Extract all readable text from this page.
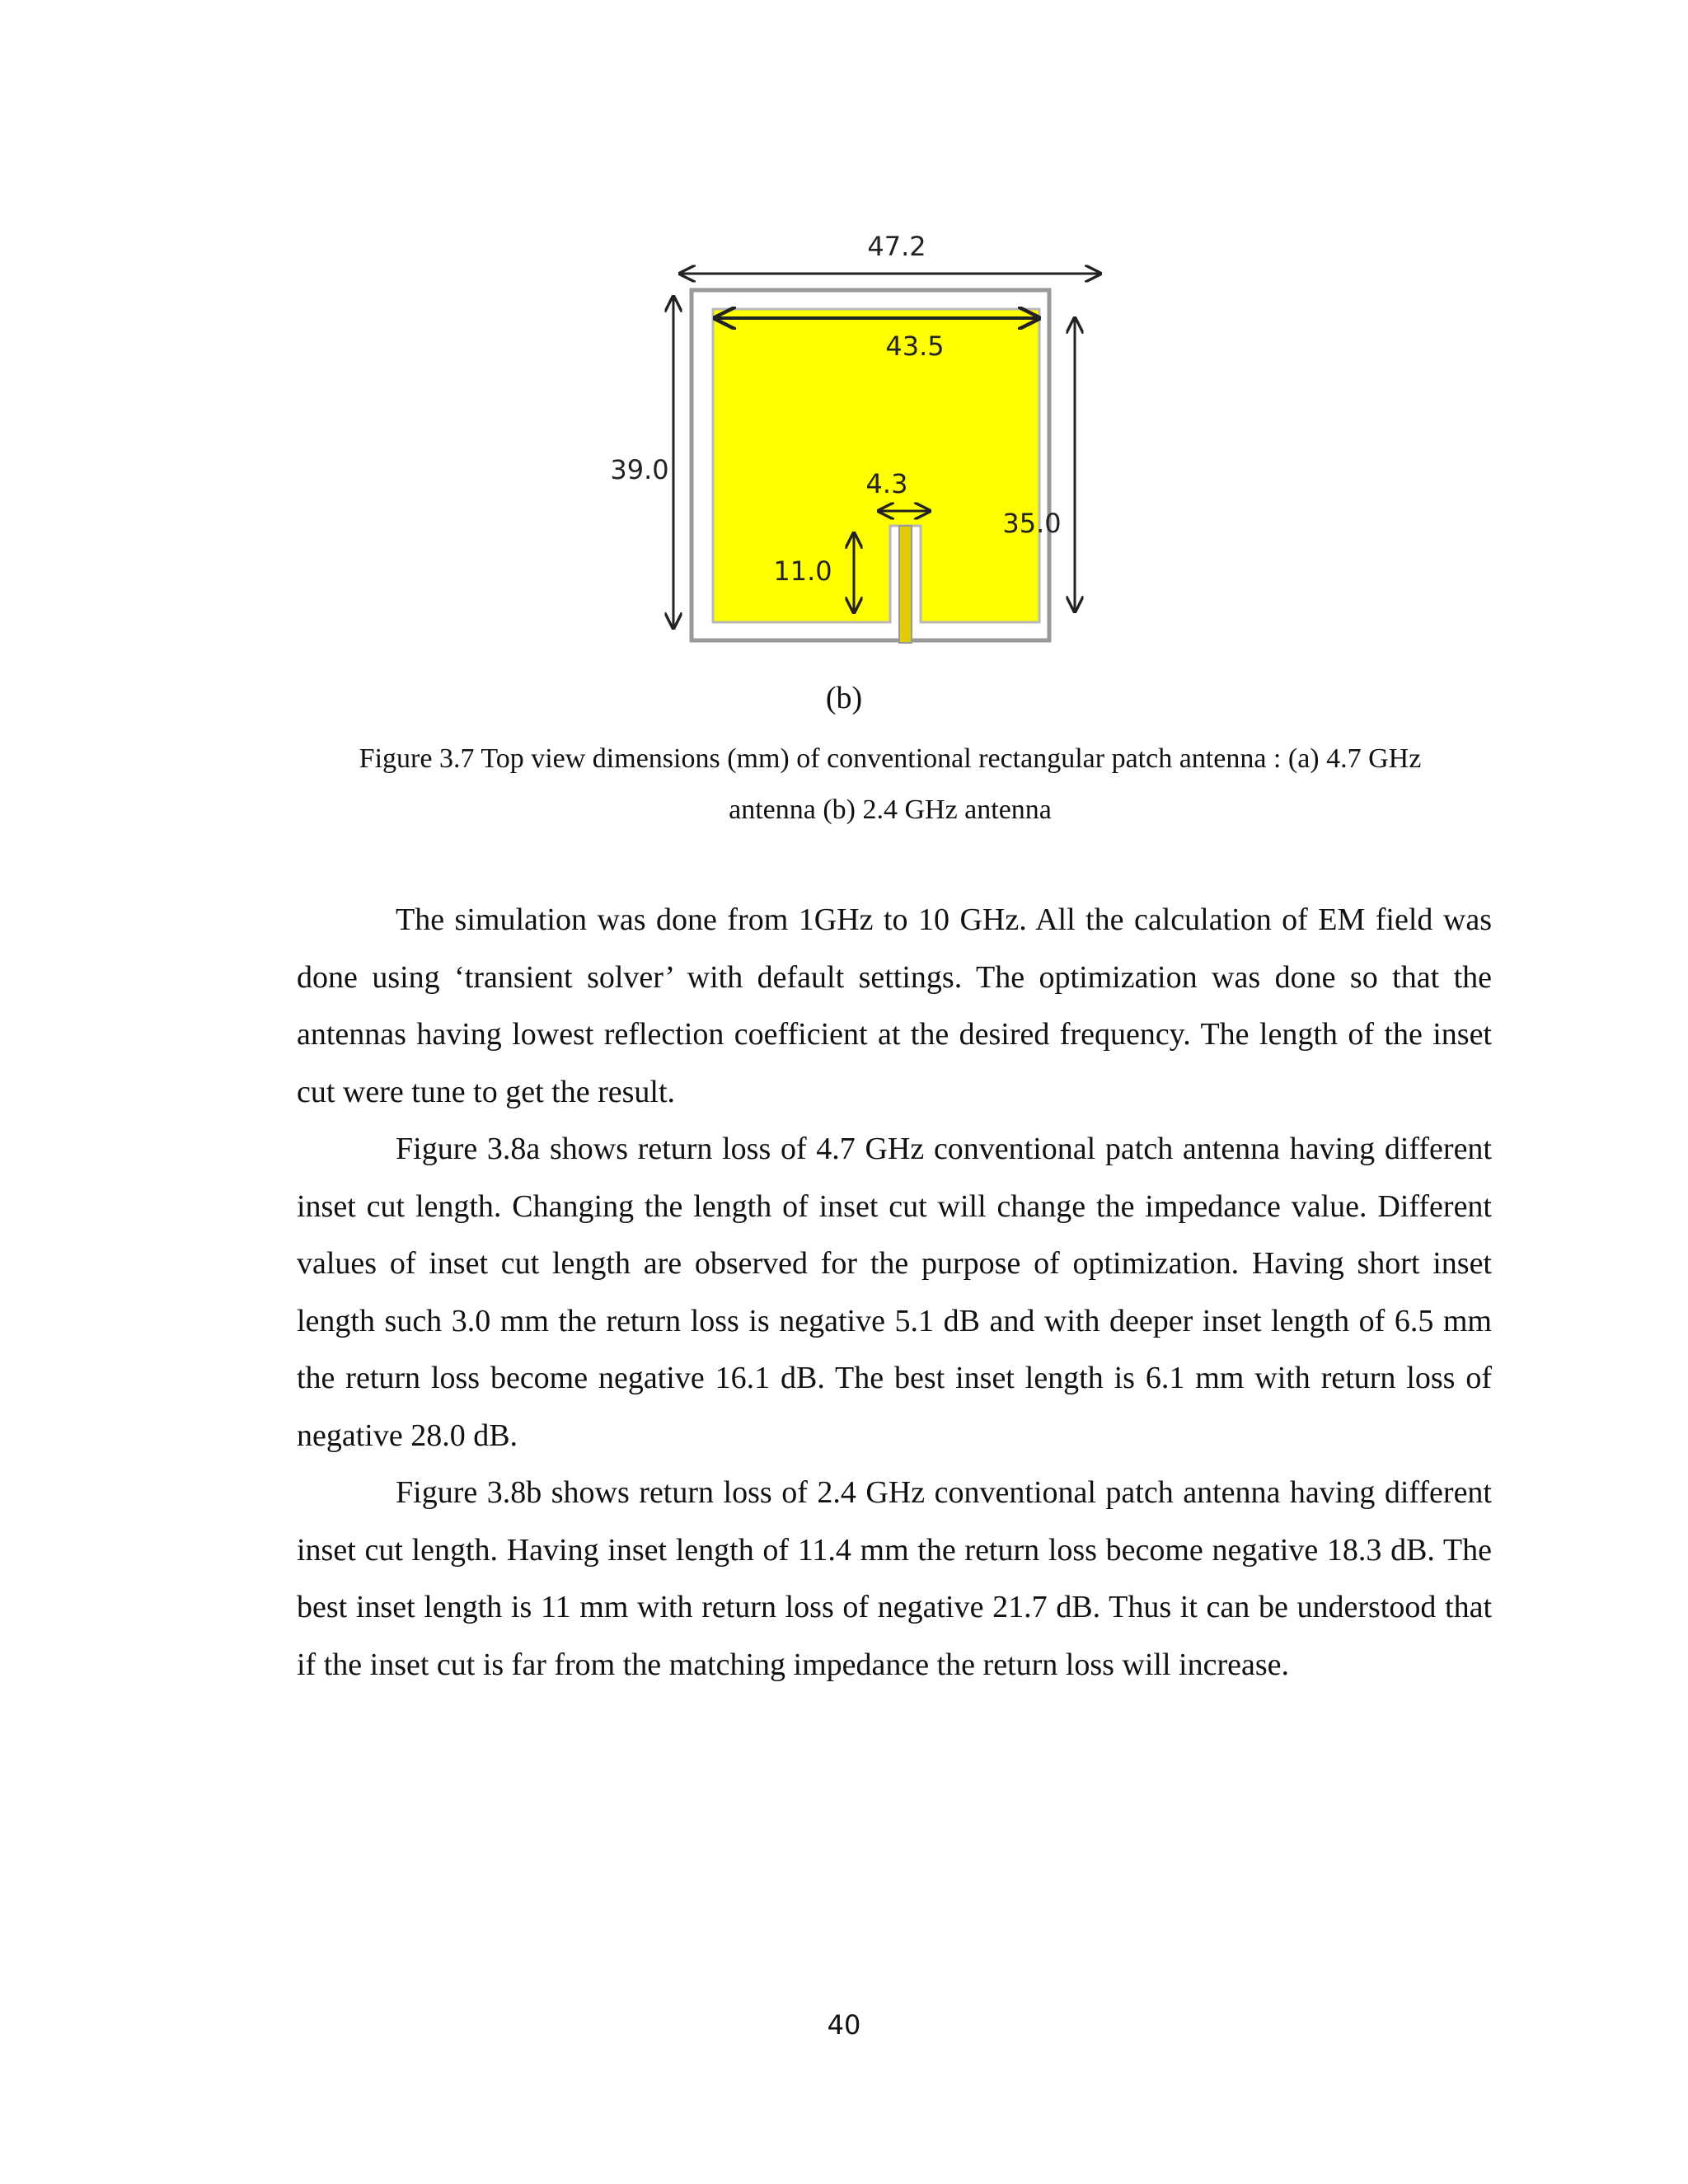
47.2
43.5
39.0
35.0
4.3
11.0
(b)
Figure 3.7 Top view dimensions (mm) of conventional rectangular patch antenna : (a) 4.7 GHz
antenna (b) 2.4 GHz antenna

The simulation was done from 1GHz to 10 GHz. All the calculation of EM field was done using ‘transient solver’ with default settings. The optimization was done so that the antennas having lowest reflection coefficient at the desired frequency. The length of the inset cut were tune to get the result.

Figure 3.8a shows return loss of 4.7 GHz conventional patch antenna having different inset cut length. Changing the length of inset cut will change the impedance value. Different values of inset cut length are observed for the purpose of optimization. Having short inset length such 3.0 mm the return loss is negative 5.1 dB and with deeper inset length of 6.5 mm the return loss become negative 16.1 dB. The best inset length is 6.1 mm with return loss of negative 28.0 dB.

Figure 3.8b shows return loss of 2.4 GHz conventional patch antenna having different inset cut length. Having inset length of 11.4 mm the return loss become negative 18.3 dB. The best inset length is 11 mm with return loss of negative 21.7 dB. Thus it can be understood that if the inset cut is far from the matching impedance the return loss will increase.

40
